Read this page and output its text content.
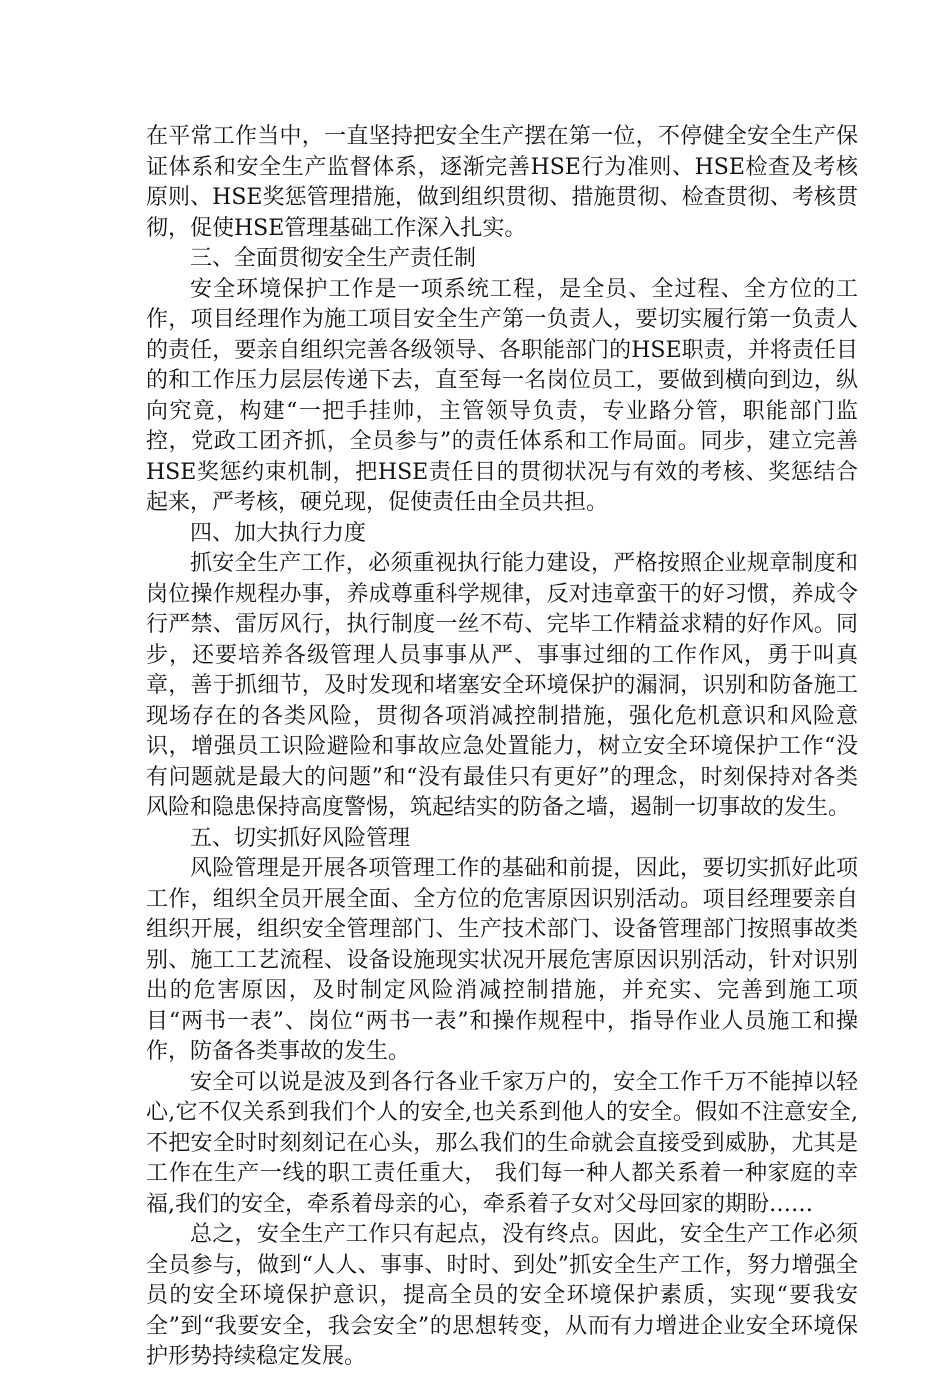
在平常工作当中，一直坚持把安全生产摆在第一位，不停健全安全生产保证体系和安全生产监督体系，逐渐完善HSE行为准则、HSE检查及考核原则、HSE奖惩管理措施，做到组织贯彻、措施贯彻、检查贯彻、考核贯彻，促使HSE管理基础工作深入扎实。

三、全面贯彻安全生产责任制

安全环境保护工作是一项系统工程，是全员、全过程、全方位的工作，项目经理作为施工项目安全生产第一负责人，要切实履行第一负责人的责任，要亲自组织完善各级领导、各职能部门的HSE职责，并将责任目的和工作压力层层传递下去，直至每一名岗位员工，要做到横向到边，纵向究竟，构建“一把手挂帅，主管领导负责，专业路分管，职能部门监控，党政工团齐抓，全员参与”的责任体系和工作局面。同步，建立完善HSE奖惩约束机制，把HSE责任目的贯彻状况与有效的考核、奖惩结合起来，严考核，硬兑现，促使责任由全员共担。

四、加大执行力度

抓安全生产工作，必须重视执行能力建设，严格按照企业规章制度和岗位操作规程办事，养成尊重科学规律，反对违章蛮干的好习惯，养成令行严禁、雷厉风行，执行制度一丝不苟、完毕工作精益求精的好作风。同步，还要培养各级管理人员事事从严、事事过细的工作作风，勇于叫真章，善于抓细节，及时发现和堵塞安全环境保护的漏洞，识别和防备施工现场存在的各类风险，贯彻各项消减控制措施，强化危机意识和风险意识，增强员工识险避险和事故应急处置能力，树立安全环境保护工作“没有问题就是最大的问题”和“没有最佳只有更好”的理念，时刻保持对各类风险和隐患保持高度警惕，筑起结实的防备之墙，遏制一切事故的发生。

五、切实抓好风险管理

风险管理是开展各项管理工作的基础和前提，因此，要切实抓好此项工作，组织全员开展全面、全方位的危害原因识别活动。项目经理要亲自组织开展，组织安全管理部门、生产技术部门、设备管理部门按照事故类别、施工工艺流程、设备设施现实状况开展危害原因识别活动，针对识别出的危害原因，及时制定风险消减控制措施，并充实、完善到施工项目“两书一表”、岗位“两书一表”和操作规程中，指导作业人员施工和操作，防备各类事故的发生。

安全可以说是波及到各行各业千家万户的，安全工作千万不能掉以轻心,它不仅关系到我们个人的安全,也关系到他人的安全。假如不注意安全,不把安全时时刻刻记在心头，那么我们的生命就会直接受到威胁，尤其是工作在生产一线的职工责任重大， 我们每一种人都关系着一种家庭的幸福,我们的安全，牵系着母亲的心，牵系着子女对父母回家的期盼……

总之，安全生产工作只有起点，没有终点。因此，安全生产工作必须全员参与，做到“人人、事事、时时、到处”抓安全生产工作，努力增强全员的安全环境保护意识，提高全员的安全环境保护素质，实现“要我安全”到“我要安全，我会安全”的思想转变，从而有力增进企业安全环境保护形势持续稳定发展。
